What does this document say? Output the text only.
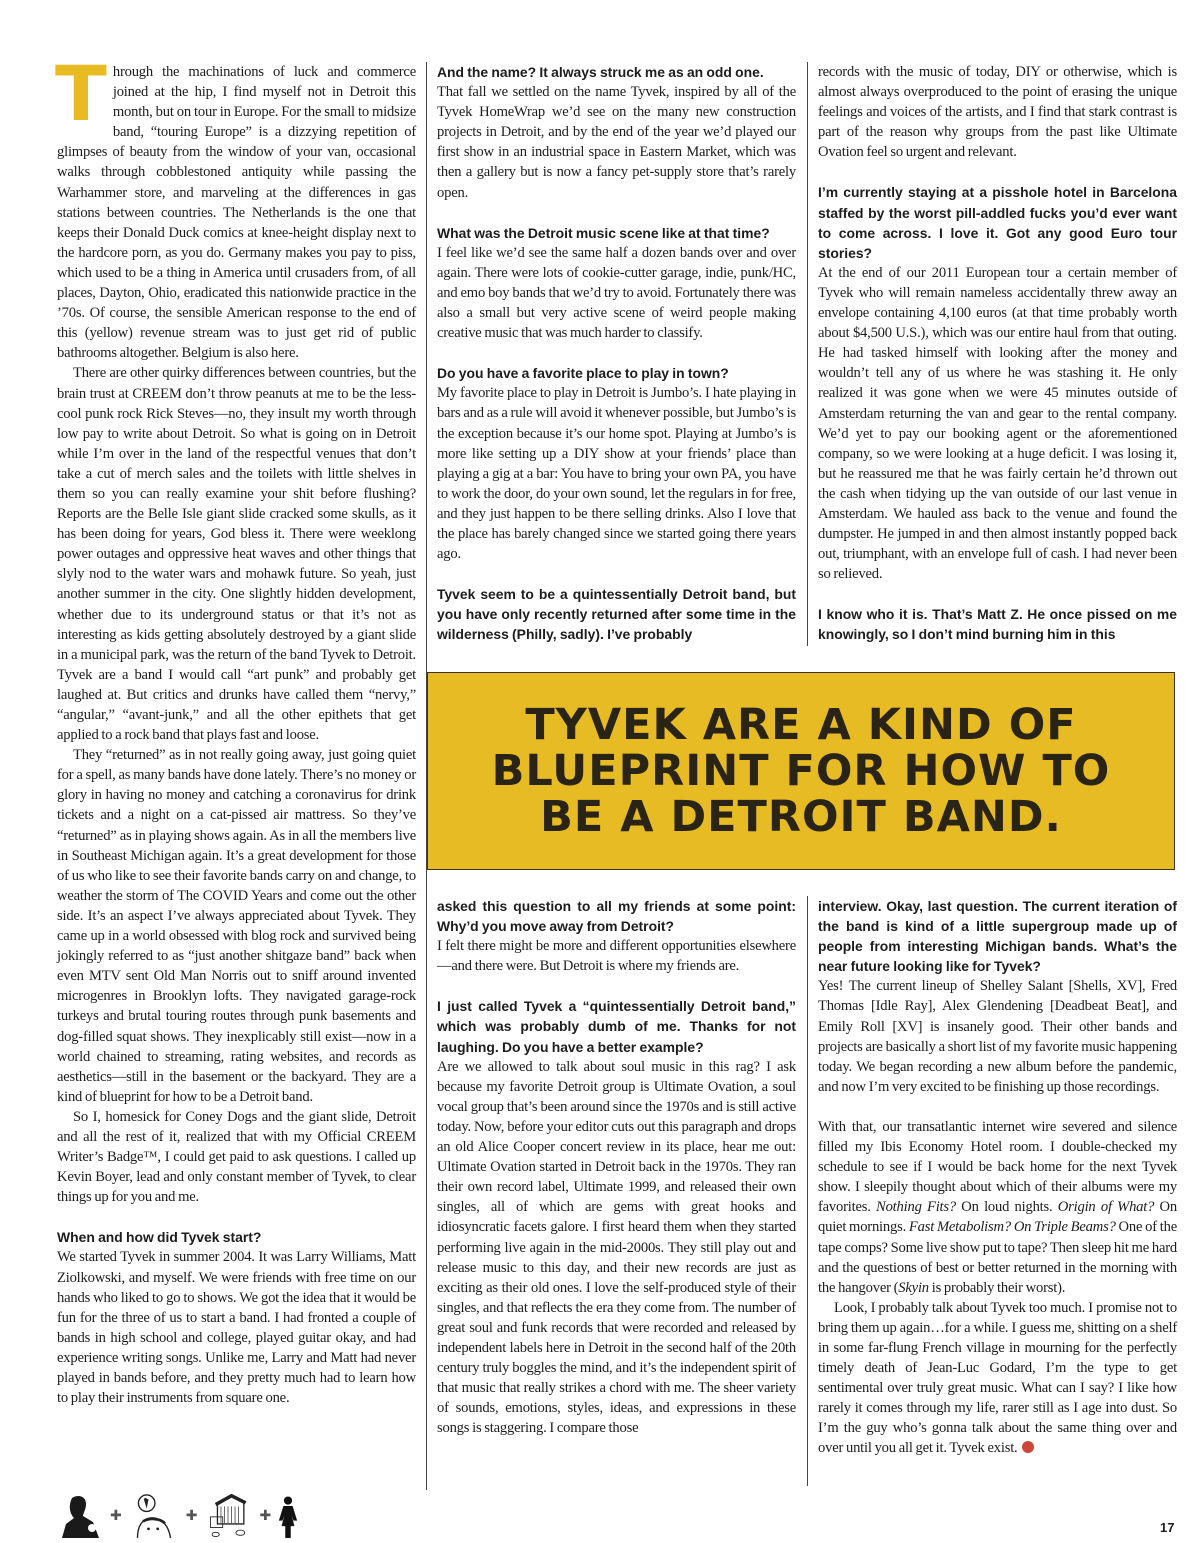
Through the machinations of luck and commerce joined at the hip, I find myself not in Detroit this month, but on tour in Europe. For the small to midsize band, “touring Europe” is a dizzying repetition of glimpses of beauty from the window of your van, occasional walks through cobblestoned antiquity while passing the Warhammer store, and marveling at the differences in gas stations between countries. The Netherlands is the one that keeps their Donald Duck comics at knee-height display next to the hardcore porn, as you do. Germany makes you pay to piss, which used to be a thing in America until crusaders from, of all places, Dayton, Ohio, eradicated this nationwide practice in the ’70s. Of course, the sensible American response to the end of this (yellow) revenue stream was to just get rid of public bathrooms altogether. Belgium is also here.

There are other quirky differences between countries, but the brain trust at CREEM don’t throw peanuts at me to be the less-cool punk rock Rick Steves—no, they insult my worth through low pay to write about Detroit. So what is going on in Detroit while I’m over in the land of the respectful venues that don’t take a cut of merch sales and the toilets with little shelves in them so you can really examine your shit before flushing? Reports are the Belle Isle giant slide cracked some skulls, as it has been doing for years, God bless it. There were weeklong power outages and oppressive heat waves and other things that slyly nod to the water wars and mohawk future. So yeah, just another summer in the city. One slightly hidden development, whether due to its underground status or that it’s not as interesting as kids getting absolutely destroyed by a giant slide in a municipal park, was the return of the band Tyvek to Detroit. Tyvek are a band I would call “art punk” and probably get laughed at. But critics and drunks have called them “nervy,” “angular,” “avant-junk,” and all the other epithets that get applied to a rock band that plays fast and loose.

They “returned” as in not really going away, just going quiet for a spell, as many bands have done lately. There’s no money or glory in having no money and catching a coronavirus for drink tickets and a night on a cat-pissed air mattress. So they’ve “returned” as in playing shows again. As in all the members live in Southeast Michigan again. It’s a great development for those of us who like to see their favorite bands carry on and change, to weather the storm of The COVID Years and come out the other side. It’s an aspect I’ve always appreciated about Tyvek. They came up in a world obsessed with blog rock and survived being jokingly referred to as “just another shitgaze band” back when even MTV sent Old Man Norris out to sniff around invented microgenres in Brooklyn lofts. They navigated garage-rock turkeys and brutal touring routes through punk basements and dog-filled squat shows. They inexplicably still exist—now in a world chained to streaming, rating websites, and records as aesthetics—still in the basement or the backyard. They are a kind of blueprint for how to be a Detroit band.

So I, homesick for Coney Dogs and the giant slide, Detroit and all the rest of it, realized that with my Official CREEM Writer’s Badge™, I could get paid to ask questions. I called up Kevin Boyer, lead and only constant member of Tyvek, to clear things up for you and me.

When and how did Tyvek start?

We started Tyvek in summer 2004. It was Larry Williams, Matt Ziolkowski, and myself. We were friends with free time on our hands who liked to go to shows. We got the idea that it would be fun for the three of us to start a band. I had fronted a couple of bands in high school and college, played guitar okay, and had experience writing songs. Unlike me, Larry and Matt had never played in bands before, and they pretty much had to learn how to play their instruments from square one.

And the name? It always struck me as an odd one.

That fall we settled on the name Tyvek, inspired by all of the Tyvek HomeWrap we’d see on the many new construction projects in Detroit, and by the end of the year we’d played our first show in an industrial space in Eastern Market, which was then a gallery but is now a fancy pet-supply store that’s rarely open.

What was the Detroit music scene like at that time?

I feel like we’d see the same half a dozen bands over and over again. There were lots of cookie-cutter garage, indie, punk/HC, and emo boy bands that we’d try to avoid. Fortunately there was also a small but very active scene of weird people making creative music that was much harder to classify.

Do you have a favorite place to play in town?

My favorite place to play in Detroit is Jumbo’s. I hate playing in bars and as a rule will avoid it whenever possible, but Jumbo’s is the exception because it’s our home spot. Playing at Jumbo’s is more like setting up a DIY show at your friends’ place than playing a gig at a bar: You have to bring your own PA, you have to work the door, do your own sound, let the regulars in for free, and they just happen to be there selling drinks. Also I love that the place has barely changed since we started going there years ago.

Tyvek seem to be a quintessentially Detroit band, but you have only recently returned after some time in the wilderness (Philly, sadly). I’ve probably

records with the music of today, DIY or otherwise, which is almost always overproduced to the point of erasing the unique feelings and voices of the artists, and I find that stark contrast is part of the reason why groups from the past like Ultimate Ovation feel so urgent and relevant.

I’m currently staying at a pisshole hotel in Barcelona staffed by the worst pill-addled fucks you’d ever want to come across. I love it. Got any good Euro tour stories?

At the end of our 2011 European tour a certain member of Tyvek who will remain nameless accidentally threw away an envelope containing 4,100 euros (at that time probably worth about $4,500 U.S.), which was our entire haul from that outing. He had tasked himself with looking after the money and wouldn’t tell any of us where he was stashing it. He only realized it was gone when we were 45 minutes outside of Amsterdam returning the van and gear to the rental company. We’d yet to pay our booking agent or the aforementioned company, so we were looking at a huge deficit. I was losing it, but he reassured me that he was fairly certain he’d thrown out the cash when tidying up the van outside of our last venue in Amsterdam. We hauled ass back to the venue and found the dumpster. He jumped in and then almost instantly popped back out, triumphant, with an envelope full of cash. I had never been so relieved.

I know who it is. That’s Matt Z. He once pissed on me knowingly, so I don’t mind burning him in this

asked this question to all my friends at some point: Why’d you move away from Detroit?

I felt there might be more and different opportunities elsewhere—and there were. But Detroit is where my friends are.

I just called Tyvek a “quintessentially Detroit band,” which was probably dumb of me. Thanks for not laughing. Do you have a better example?

Are we allowed to talk about soul music in this rag? I ask because my favorite Detroit group is Ultimate Ovation, a soul vocal group that’s been around since the 1970s and is still active today. Now, before your editor cuts out this paragraph and drops an old Alice Cooper concert review in its place, hear me out: Ultimate Ovation started in Detroit back in the 1970s. They ran their own record label, Ultimate 1999, and released their own singles, all of which are gems with great hooks and idiosyncratic facets galore. I first heard them when they started performing live again in the mid-2000s. They still play out and release music to this day, and their new records are just as exciting as their old ones. I love the self-produced style of their singles, and that reflects the era they come from. The number of great soul and funk records that were recorded and released by independent labels here in Detroit in the second half of the 20th century truly boggles the mind, and it’s the independent spirit of that music that really strikes a chord with me. The sheer variety of sounds, emotions, styles, ideas, and expressions in these songs is staggering. I compare those

interview. Okay, last question. The current iteration of the band is kind of a little supergroup made up of people from interesting Michigan bands. What’s the near future looking like for Tyvek?

Yes! The current lineup of Shelley Salant [Shells, XV], Fred Thomas [Idle Ray], Alex Glendening [Deadbeat Beat], and Emily Roll [XV] is insanely good. Their other bands and projects are basically a short list of my favorite music happening today. We began recording a new album before the pandemic, and now I’m very excited to be finishing up those recordings.

With that, our transatlantic internet wire severed and silence filled my Ibis Economy Hotel room. I double-checked my schedule to see if I would be back home for the next Tyvek show. I sleepily thought about which of their albums were my favorites. Nothing Fits? On loud nights. Origin of What? On quiet mornings. Fast Metabolism? On Triple Beams? One of the tape comps? Some live show put to tape? Then sleep hit me hard and the questions of best or better returned in the morning with the hangover (Skyin is probably their worst).

Look, I probably talk about Tyvek too much. I promise not to bring them up again…for a while. I guess me, shitting on a shelf in some far-flung French village in mourning for the perfectly timely death of Jean-Luc Godard, I’m the type to get sentimental over truly great music. What can I say? I like how rarely it comes through my life, rarer still as I age into dust. So I’m the guy who’s gonna talk about the same thing over and over until you all get it. Tyvek exist.

TYVEK ARE A KIND OF
BLUEPRINT FOR HOW TO
BE A DETROIT BAND.
✚	✚	✚
17
